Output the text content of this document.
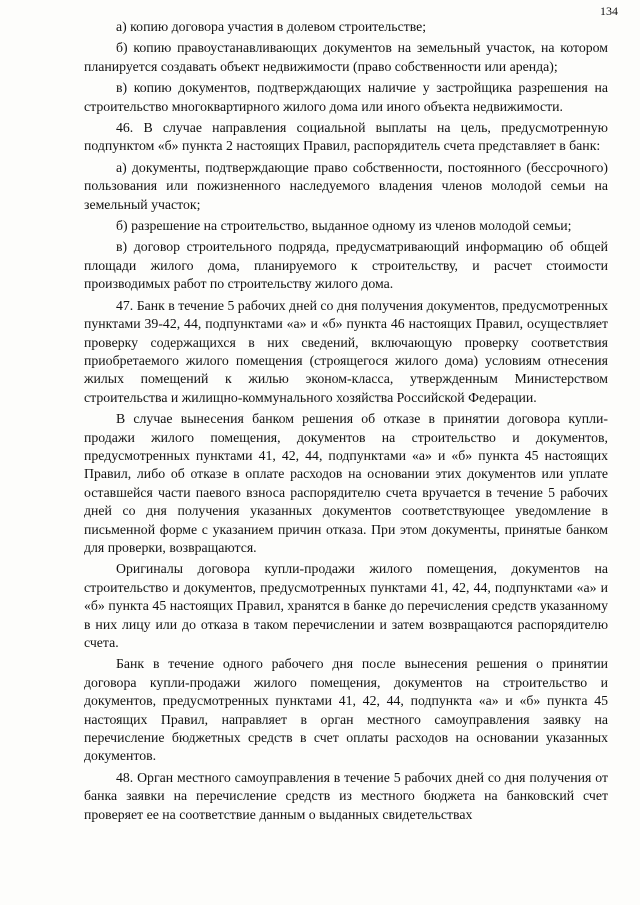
134

а) копию договора участия в долевом строительстве;

б) копию правоустанавливающих документов на земельный участок, на котором планируется создавать объект недвижимости (право собственности или аренда);

в) копию документов, подтверждающих наличие у застройщика разрешения на строительство многоквартирного жилого дома или иного объекта недвижимости.

46. В случае направления социальной выплаты на цель, предусмотренную подпунктом «б» пункта 2 настоящих Правил, распорядитель счета представляет в банк:

а) документы, подтверждающие право собственности, постоянного (бессрочного) пользования или пожизненного наследуемого владения членов молодой семьи на земельный участок;

б) разрешение на строительство, выданное одному из членов молодой семьи;

в) договор строительного подряда, предусматривающий информацию об общей площади жилого дома, планируемого к строительству, и расчет стоимости производимых работ по строительству жилого дома.

47. Банк в течение 5 рабочих дней со дня получения документов, предусмотренных пунктами 39-42, 44, подпунктами «а» и «б» пункта 46 настоящих Правил, осуществляет проверку содержащихся в них сведений, включающую проверку соответствия приобретаемого жилого помещения (строящегося жилого дома) условиям отнесения жилых помещений к жилью эконом-класса, утвержденным Министерством строительства и жилищно-коммунального хозяйства Российской Федерации.

В случае вынесения банком решения об отказе в принятии договора купли-продажи жилого помещения, документов на строительство и документов, предусмотренных пунктами 41, 42, 44, подпунктами «а» и «б» пункта 45 настоящих Правил, либо об отказе в оплате расходов на основании этих документов или уплате оставшейся части паевого взноса распорядителю счета вручается в течение 5 рабочих дней со дня получения указанных документов соответствующее уведомление в письменной форме с указанием причин отказа. При этом документы, принятые банком для проверки, возвращаются.

Оригиналы договора купли-продажи жилого помещения, документов на строительство и документов, предусмотренных пунктами 41, 42, 44, подпунктами «а» и «б» пункта 45 настоящих Правил, хранятся в банке до перечисления средств указанному в них лицу или до отказа в таком перечислении и затем возвращаются распорядителю счета.

Банк в течение одного рабочего дня после вынесения решения о принятии договора купли-продажи жилого помещения, документов на строительство и документов, предусмотренных пунктами 41, 42, 44, подпункта «а» и «б» пункта 45 настоящих Правил, направляет в орган местного самоуправления заявку на перечисление бюджетных средств в счет оплаты расходов на основании указанных документов.

48. Орган местного самоуправления в течение 5 рабочих дней со дня получения от банка заявки на перечисление средств из местного бюджета на банковский счет проверяет ее на соответствие данным о выданных свидетельствах
